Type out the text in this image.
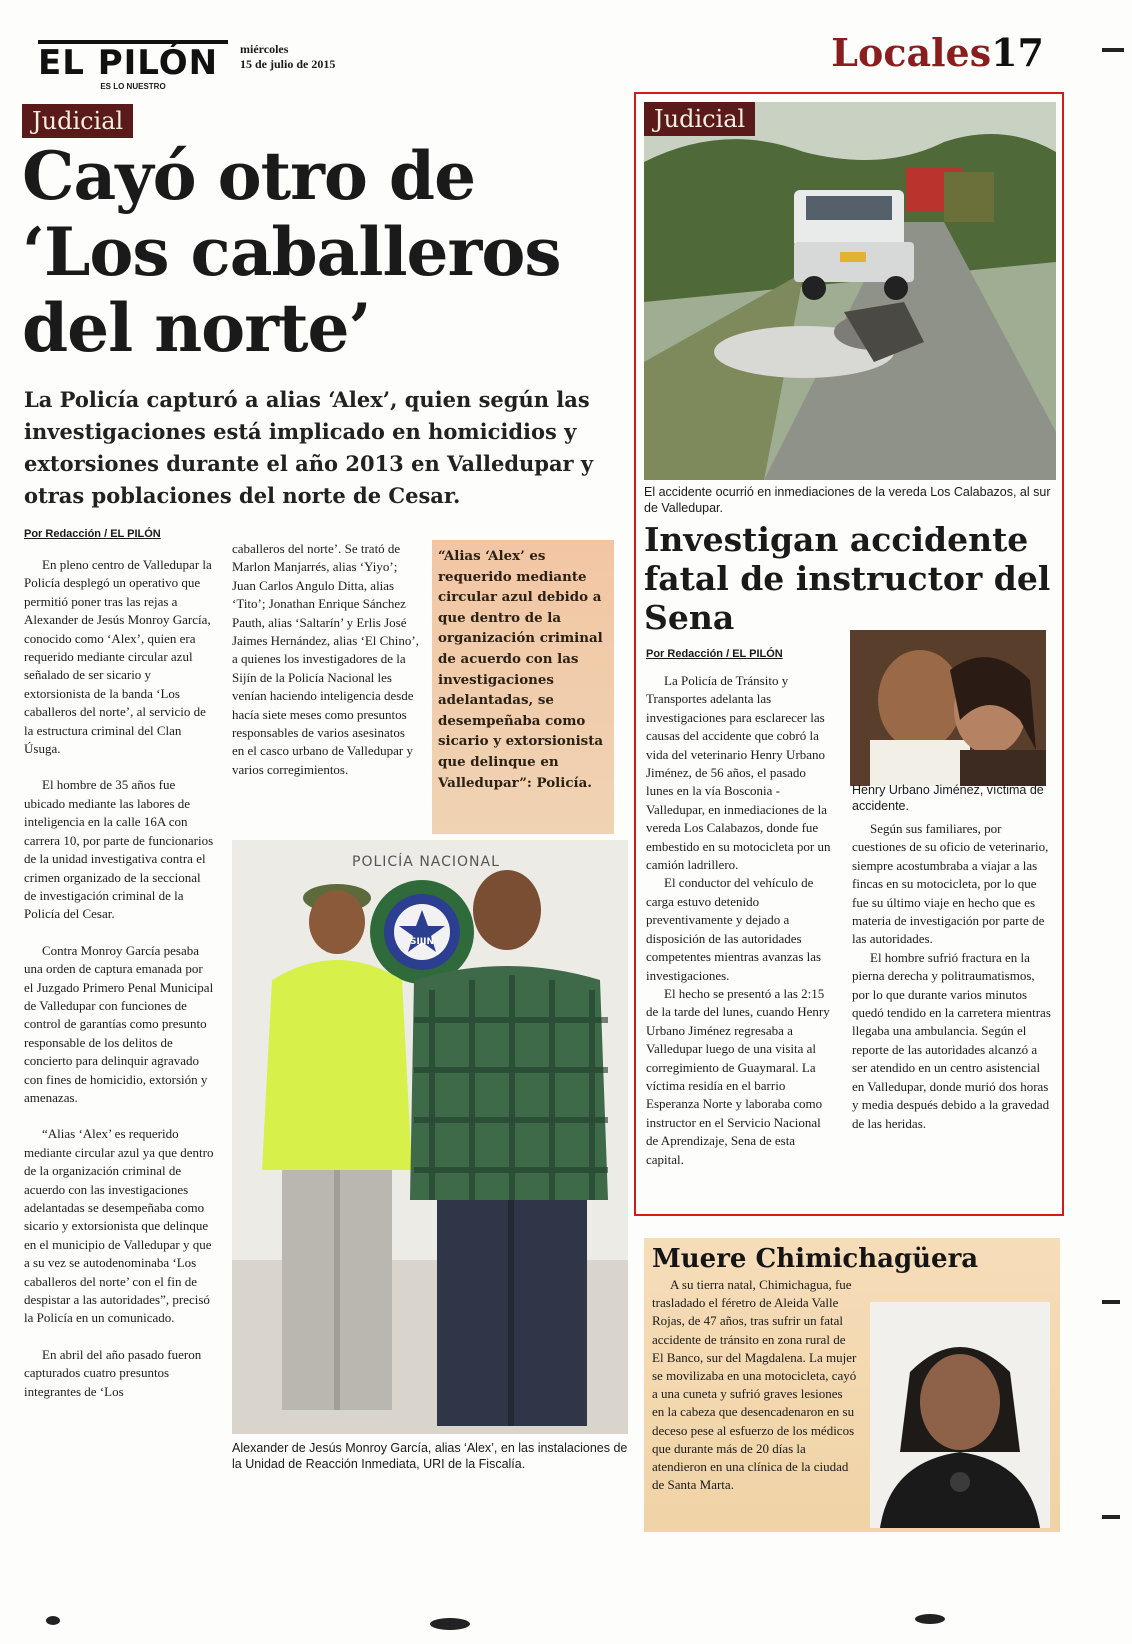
EL PILÓN
ES LO NUESTRO
miércoles
15 de julio de 2015	Locales17
Judicial
Cayó otro de ‘Los caballeros del norte’
La Policía capturó a alias ‘Alex’, quien según las investigaciones está implicado en homicidios y extorsiones durante el año 2013 en Valledupar y otras poblaciones del norte de Cesar.
Por Redacción / EL PILÓN

En pleno centro de Valledupar la Policía desplegó un operativo que permitió poner tras las rejas a Alexander de Jesús Monroy García, conocido como ‘Alex’, quien era requerido mediante circular azul señalado de ser sicario y extorsionista de la banda ‘Los caballeros del norte’, al servicio de la estructura criminal del Clan Úsuga.

El hombre de 35 años fue ubicado mediante las labores de inteligencia en la calle 16A con carrera 10, por parte de funcionarios de la unidad investigativa contra el crimen organizado de la seccional de investigación criminal de la Policía del Cesar.

Contra Monroy García pesaba una orden de captura emanada por el Juzgado Primero Penal Municipal de Valledupar con funciones de control de garantías como presunto responsable de los delitos de concierto para delinquir agravado con fines de homicidio, extorsión y amenazas.

“Alias ‘Alex’ es requerido mediante circular azul ya que dentro de la organización criminal de acuerdo con las investigaciones adelantadas se desempeñaba como sicario y extorsionista que delinque en el municipio de Valledupar y que a su vez se autodenominaba ‘Los caballeros del norte’ con el fin de despistar a las autoridades”, precisó la Policía en un comunicado.

En abril del año pasado fueron capturados cuatro presuntos integrantes de ‘Los

caballeros del norte’. Se trató de Marlon Manjarrés, alias ‘Yiyo’; Juan Carlos Angulo Ditta, alias ‘Tito’; Jonathan Enrique Sánchez Pauth, alias ‘Saltarín’ y Erlis José Jaimes Hernández, alias ‘El Chino’, a quienes los investigadores de la Sijín de la Policía Nacional les venían haciendo inteligencia desde hacía siete meses como presuntos responsables de varios asesinatos en el casco urbano de Valledupar y varios corregimientos.

“Alias ‘Alex’ es requerido mediante circular azul debido a que dentro de la organización criminal de acuerdo con las investigaciones adelantadas, se desempeñaba como sicario y extorsionista que delinque en Valledupar”: Policía.
POLICÍA NACIONAL
SIJIN
Alexander de Jesús Monroy García, alias ‘Alex’, en las instalaciones de la Unidad de Reacción Inmediata, URI de la Fiscalía.
Judicial
El accidente ocurrió en inmediaciones de la vereda Los Calabazos, al sur de Valledupar.
Investigan accidente fatal de instructor del Sena
Por Redacción / EL PILÓN

La Policía de Tránsito y Transportes adelanta las investigaciones para esclarecer las causas del accidente que cobró la vida del veterinario Henry Urbano Jiménez, de 56 años, el pasado lunes en la vía Bosconia - Valledupar, en inmediaciones de la vereda Los Calabazos, donde fue embestido en su motocicleta por un camión ladrillero.

El conductor del vehículo de carga estuvo detenido preventivamente y dejado a disposición de las autoridades competentes mientras avanzas las investigaciones.

El hecho se presentó a las 2:15 de la tarde del lunes, cuando Henry Urbano Jiménez regresaba a Valledupar luego de una visita al corregimiento de Guaymaral. La víctima residía en el barrio Esperanza Norte y laboraba como instructor en el Servicio Nacional de Aprendizaje, Sena de esta capital.

Henry Urbano Jiménez, víctima de accidente.

Según sus familiares, por cuestiones de su oficio de veterinario, siempre acostumbraba a viajar a las fincas en su motocicleta, por lo que fue su último viaje en hecho que es materia de investigación por parte de las autoridades.

El hombre sufrió fractura en la pierna derecha y politraumatismos, por lo que durante varios minutos quedó tendido en la carretera mientras llegaba una ambulancia. Según el reporte de las autoridades alcanzó a ser atendido en un centro asistencial en Valledupar, donde murió dos horas y media después debido a la gravedad de las heridas.

Muere Chimichagüera

A su tierra natal, Chimichagua, fue trasladado el féretro de Aleida Valle Rojas, de 47 años, tras sufrir un fatal accidente de tránsito en zona rural de El Banco, sur del Magdalena. La mujer se movilizaba en una motocicleta, cayó a una cuneta y sufrió graves lesiones en la cabeza que desencadenaron en su deceso pese al esfuerzo de los médicos que durante más de 20 días la atendieron en una clínica de la ciudad de Santa Marta.
